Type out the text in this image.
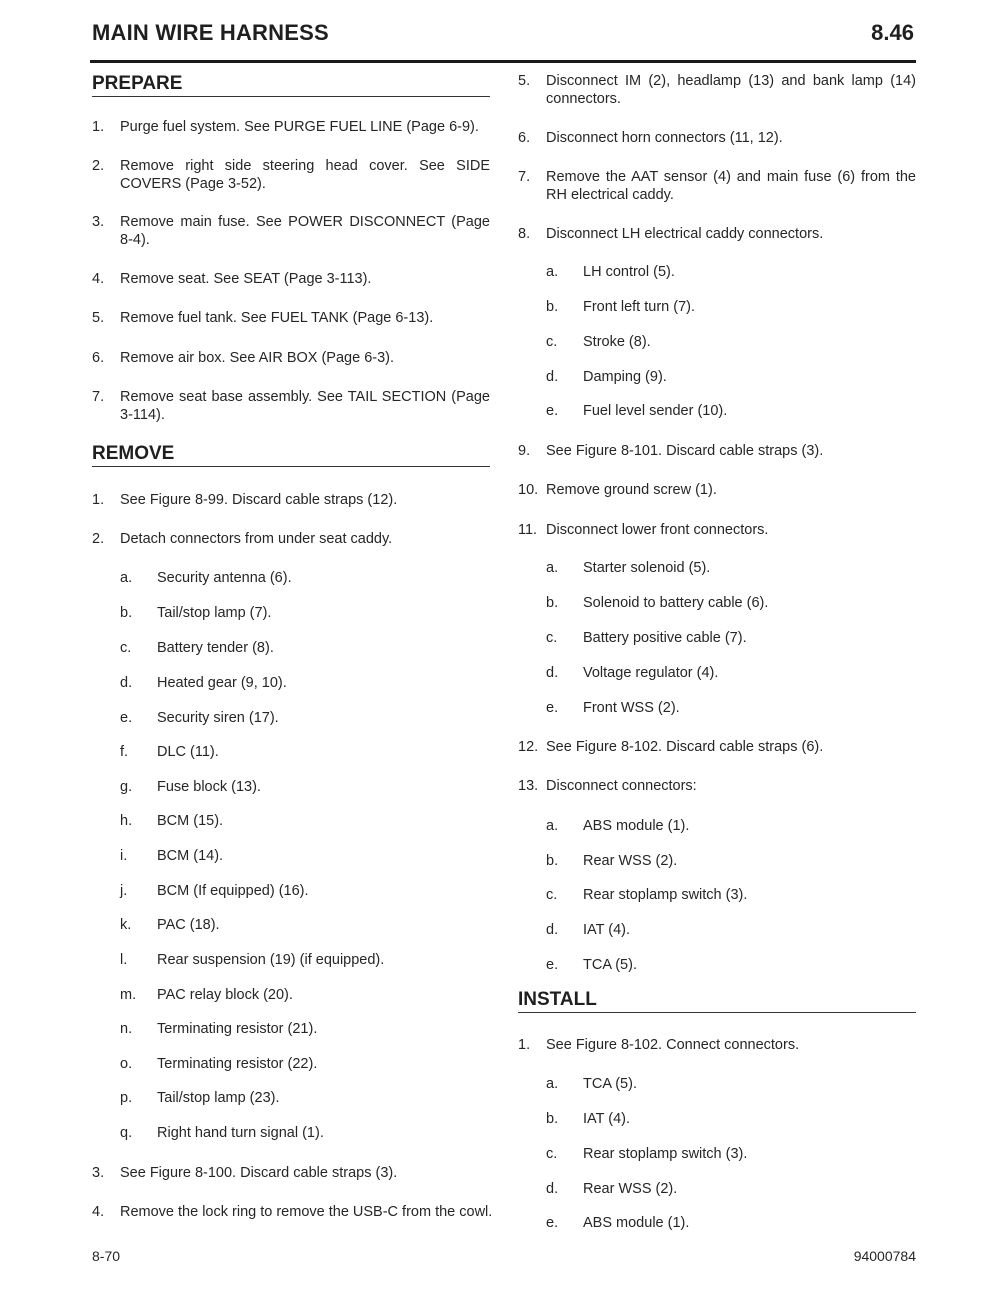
MAIN WIRE HARNESS	8.46
PREPARE
1.	Purge fuel system. See PURGE FUEL LINE (Page 6-9).
2.	Remove right side steering head cover. See SIDE COVERS (Page 3-52).
3.	Remove main fuse. See POWER DISCONNECT (Page 8-4).
4.	Remove seat. See SEAT (Page 3-113).
5.	Remove fuel tank. See FUEL TANK (Page 6-13).
6.	Remove air box. See AIR BOX (Page 6-3).
7.	Remove seat base assembly. See TAIL SECTION (Page 3-114).
REMOVE
1.	See Figure 8-99. Discard cable straps (12).
2.	Detach connectors from under seat caddy.
a.	Security antenna (6).
b.	Tail/stop lamp (7).
c.	Battery tender (8).
d.	Heated gear (9, 10).
e.	Security siren (17).
f.	DLC (11).
g.	Fuse block (13).
h.	BCM (15).
i.	BCM (14).
j.	BCM (If equipped) (16).
k.	PAC (18).
l.	Rear suspension (19) (if equipped).
m.	PAC relay block (20).
n.	Terminating resistor (21).
o.	Terminating resistor (22).
p.	Tail/stop lamp (23).
q.	Right hand turn signal (1).
3.	See Figure 8-100. Discard cable straps (3).
4.	Remove the lock ring to remove the USB-C from the cowl.
5.	Disconnect IM (2), headlamp (13) and bank lamp (14) connectors.
6.	Disconnect horn connectors (11, 12).
7.	Remove the AAT sensor (4) and main fuse (6) from the RH electrical caddy.
8.	Disconnect LH electrical caddy connectors.
a.	LH control (5).
b.	Front left turn (7).
c.	Stroke (8).
d.	Damping (9).
e.	Fuel level sender (10).
9.	See Figure 8-101. Discard cable straps (3).
10. Remove ground screw (1).
11. Disconnect lower front connectors.
a.	Starter solenoid (5).
b.	Solenoid to battery cable (6).
c.	Battery positive cable (7).
d.	Voltage regulator (4).
e.	Front WSS (2).
12. See Figure 8-102. Discard cable straps (6).
13. Disconnect connectors:
a.	ABS module (1).
b.	Rear WSS (2).
c.	Rear stoplamp switch (3).
d.	IAT (4).
e.	TCA (5).
INSTALL
1.	See Figure 8-102. Connect connectors.
a.	TCA (5).
b.	IAT (4).
c.	Rear stoplamp switch (3).
d.	Rear WSS (2).
e.	ABS module (1).
8-70	94000784
